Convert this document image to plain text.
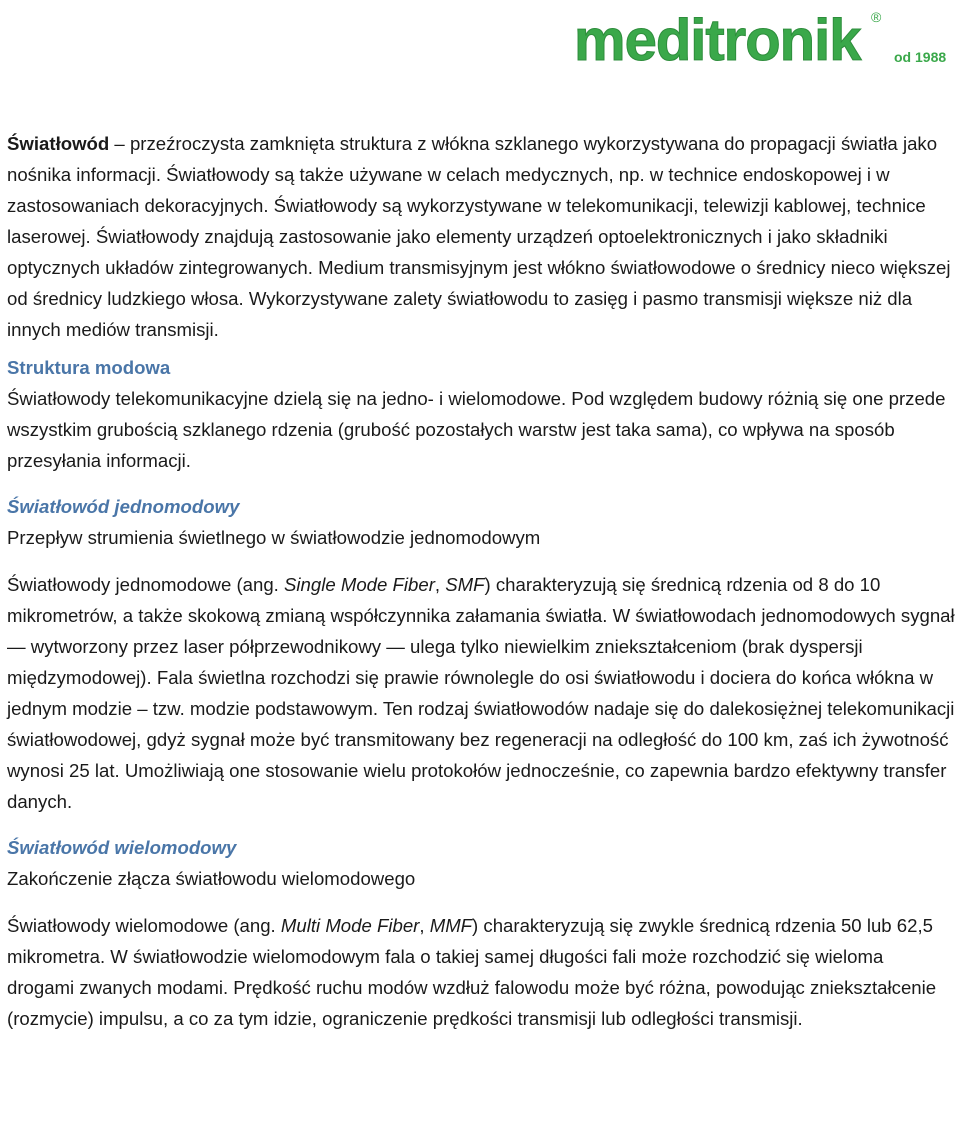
meditronik ®
od 1988

Światłowód – przeźroczysta zamknięta struktura z włókna szklanego wykorzystywana do propagacji światła jako nośnika informacji. Światłowody są także używane w celach medycznych, np. w technice endoskopowej i w zastosowaniach dekoracyjnych. Światłowody są wykorzystywane w telekomunikacji, telewizji kablowej, technice laserowej. Światłowody znajdują zastosowanie jako elementy urządzeń optoelektronicznych i jako składniki optycznych układów zintegrowanych. Medium transmisyjnym jest włókno światłowodowe o średnicy nieco większej od średnicy ludzkiego włosa. Wykorzystywane zalety światłowodu to zasięg i pasmo transmisji większe niż dla innych mediów transmisji.

Struktura modowa

Światłowody telekomunikacyjne dzielą się na jedno- i wielomodowe. Pod względem budowy różnią się one przede wszystkim grubością szklanego rdzenia (grubość pozostałych warstw jest taka sama), co wpływa na sposób przesyłania informacji.

Światłowód jednomodowy

Przepływ strumienia świetlnego w światłowodzie jednomodowym

Światłowody jednomodowe (ang. Single Mode Fiber, SMF) charakteryzują się średnicą rdzenia od 8 do 10 mikrometrów, a także skokową zmianą współczynnika załamania światła. W światłowodach jednomodowych sygnał — wytworzony przez laser półprzewodnikowy — ulega tylko niewielkim zniekształceniom (brak dyspersji międzymodowej). Fala świetlna rozchodzi się prawie równolegle do osi światłowodu i dociera do końca włókna w jednym modzie – tzw. modzie podstawowym. Ten rodzaj światłowodów nadaje się do dalekosiężnej telekomunikacji światłowodowej, gdyż sygnał może być transmitowany bez regeneracji na odległość do 100 km, zaś ich żywotność wynosi 25 lat. Umożliwiają one stosowanie wielu protokołów jednocześnie, co zapewnia bardzo efektywny transfer danych.

Światłowód wielomodowy

Zakończenie złącza światłowodu wielomodowego

Światłowody wielomodowe (ang. Multi Mode Fiber, MMF) charakteryzują się zwykle średnicą rdzenia 50 lub 62,5 mikrometra. W światłowodzie wielomodowym fala o takiej samej długości fali może rozchodzić się wieloma drogami zwanych modami. Prędkość ruchu modów wzdłuż falowodu może być różna, powodując zniekształcenie (rozmycie) impulsu, a co za tym idzie, ograniczenie prędkości transmisji lub odległości transmisji.
